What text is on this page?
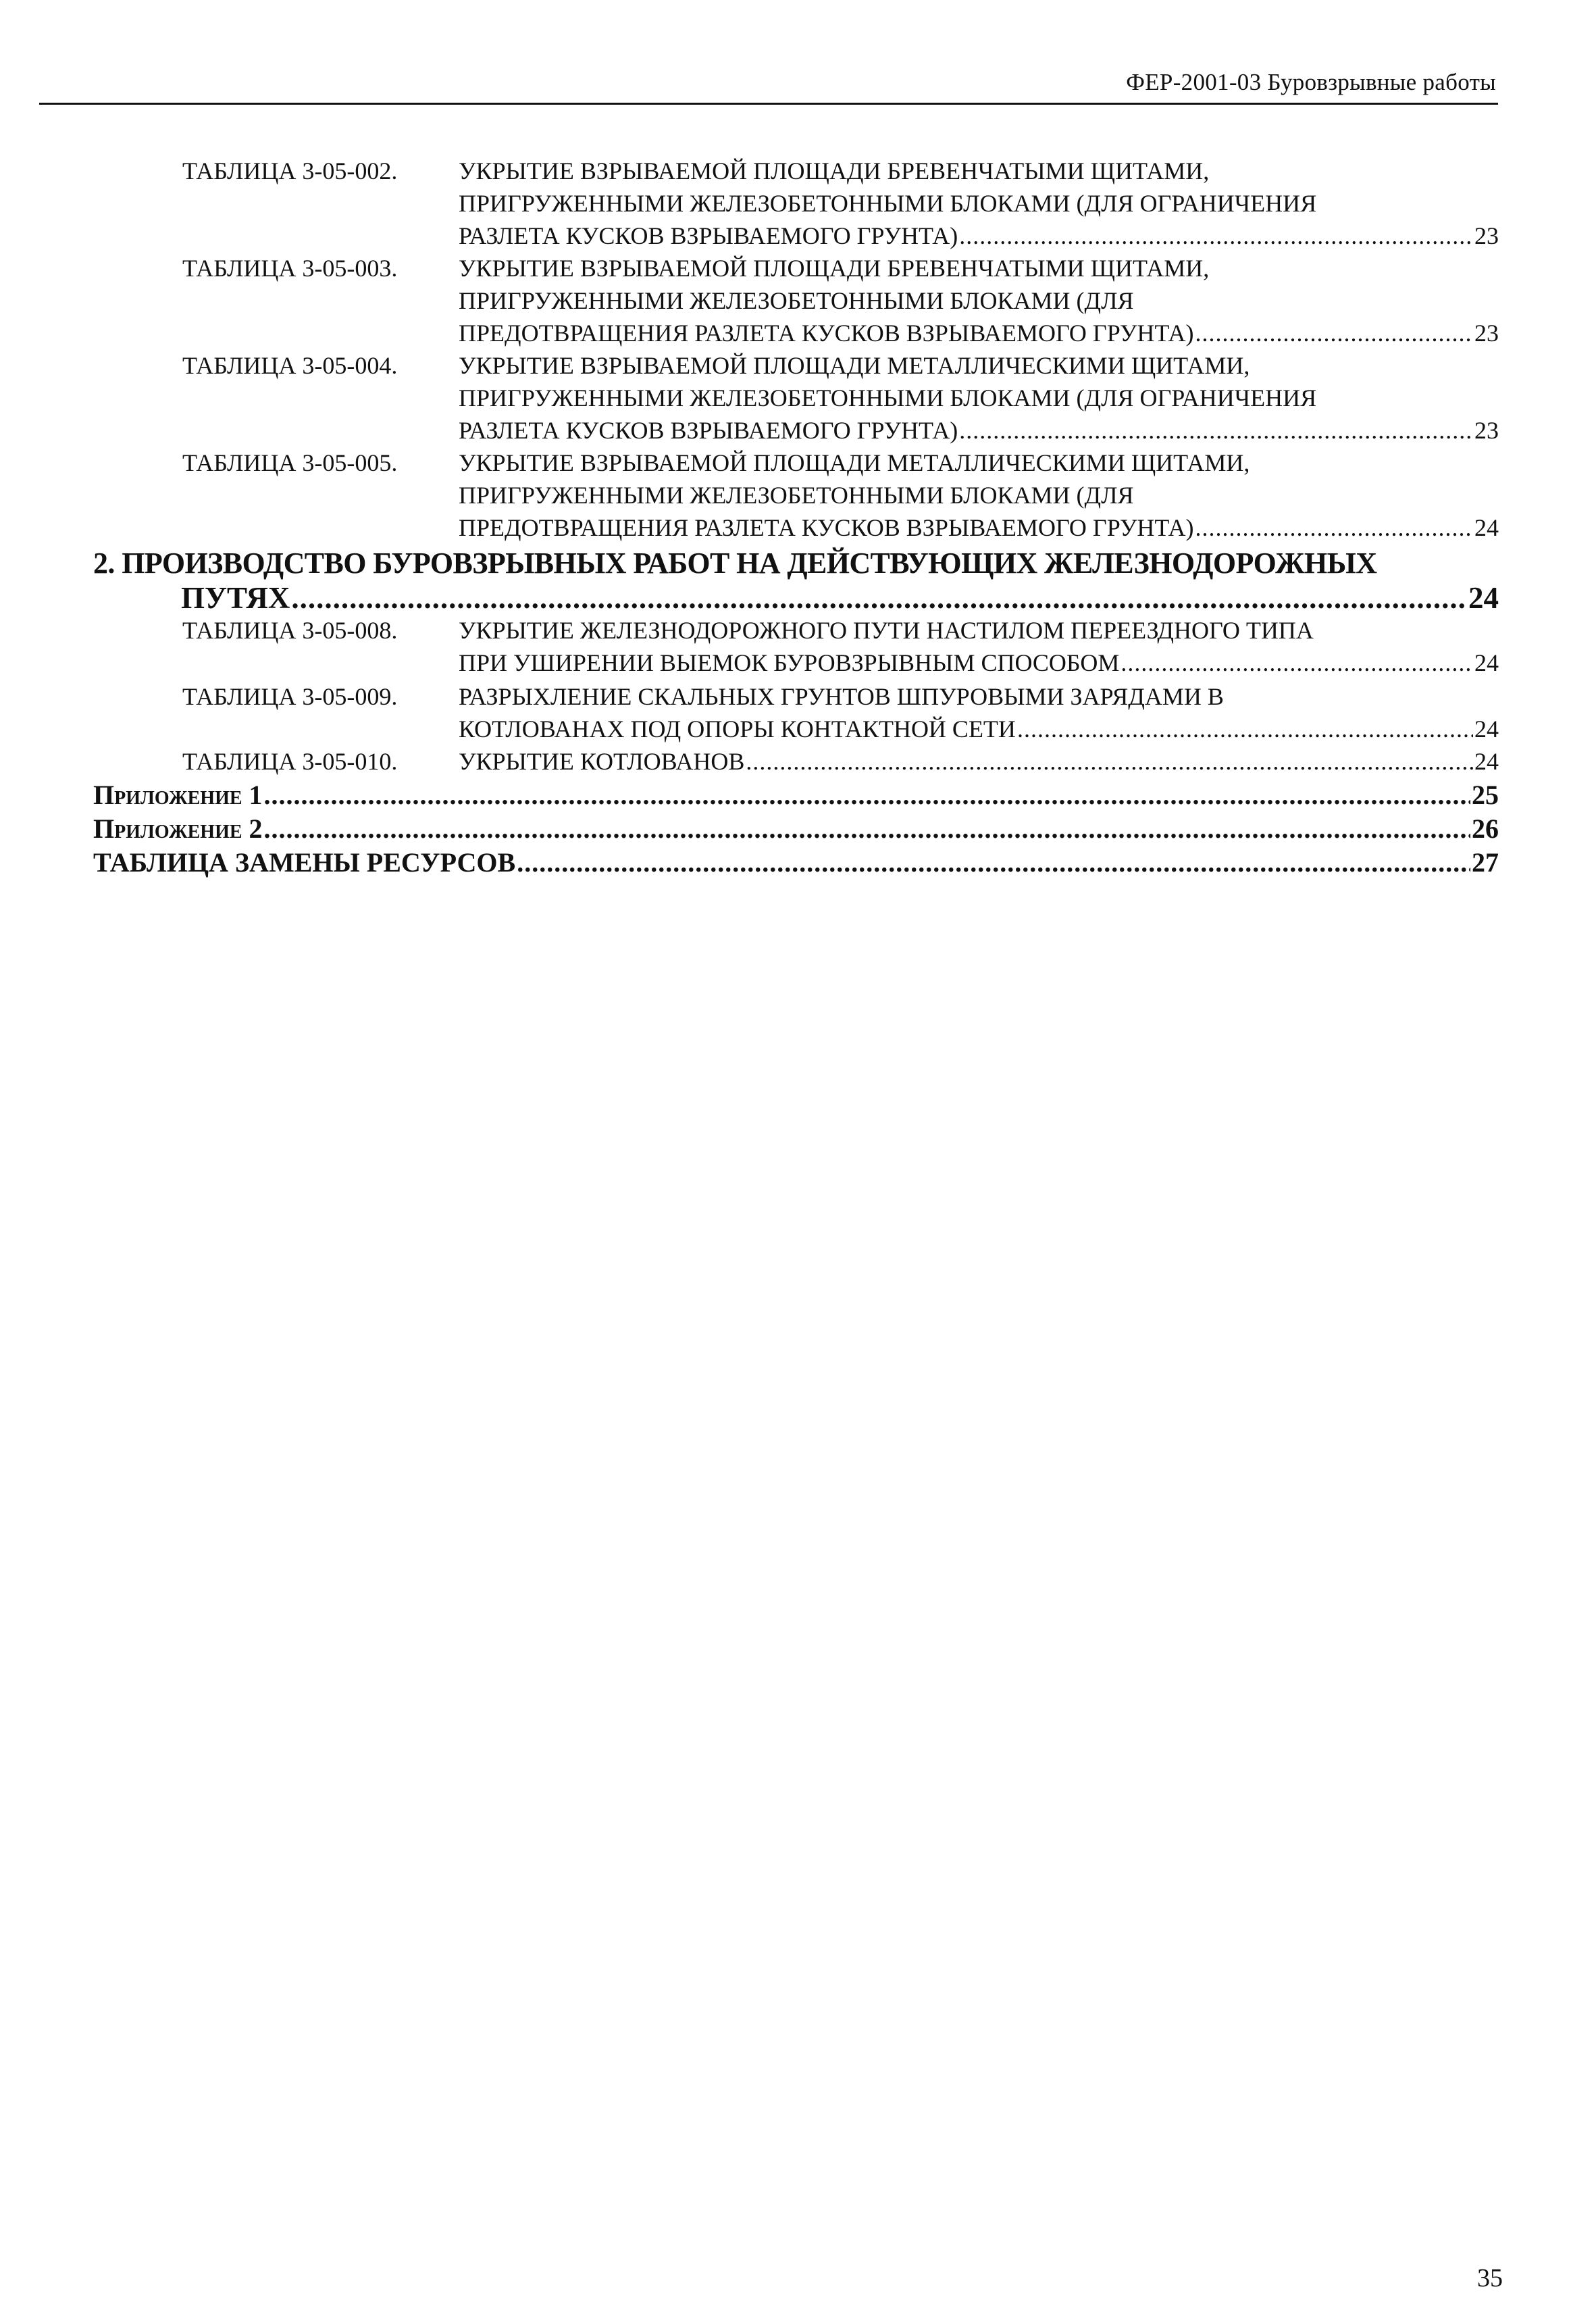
ФЕР-2001-03 Буровзрывные работы
ТАБЛИЦА 3-05-002.	УКРЫТИЕ ВЗРЫВАЕМОЙ ПЛОЩАДИ БРЕВЕНЧАТЫМИ ЩИТАМИ,
ПРИГРУЖЕННЫМИ ЖЕЛЕЗОБЕТОННЫМИ БЛОКАМИ (ДЛЯ ОГРАНИЧЕНИЯ
РАЗЛЕТА КУСКОВ ВЗРЫВАЕМОГО ГРУНТА) .....	23
ТАБЛИЦА 3-05-003.	УКРЫТИЕ ВЗРЫВАЕМОЙ ПЛОЩАДИ БРЕВЕНЧАТЫМИ ЩИТАМИ,
ПРИГРУЖЕННЫМИ ЖЕЛЕЗОБЕТОННЫМИ БЛОКАМИ (ДЛЯ
ПРЕДОТВРАЩЕНИЯ РАЗЛЕТА КУСКОВ ВЗРЫВАЕМОГО ГРУНТА) .....	23
ТАБЛИЦА 3-05-004.	УКРЫТИЕ ВЗРЫВАЕМОЙ ПЛОЩАДИ МЕТАЛЛИЧЕСКИМИ ЩИТАМИ,
ПРИГРУЖЕННЫМИ ЖЕЛЕЗОБЕТОННЫМИ БЛОКАМИ (ДЛЯ ОГРАНИЧЕНИЯ
РАЗЛЕТА КУСКОВ ВЗРЫВАЕМОГО ГРУНТА) .....	23
ТАБЛИЦА 3-05-005.	УКРЫТИЕ ВЗРЫВАЕМОЙ ПЛОЩАДИ МЕТАЛЛИЧЕСКИМИ ЩИТАМИ,
ПРИГРУЖЕННЫМИ ЖЕЛЕЗОБЕТОННЫМИ БЛОКАМИ (ДЛЯ
ПРЕДОТВРАЩЕНИЯ РАЗЛЕТА КУСКОВ ВЗРЫВАЕМОГО ГРУНТА) .....	24
2. ПРОИЗВОДСТВО БУРОВЗРЫВНЫХ РАБОТ НА ДЕЙСТВУЮЩИХ ЖЕЛЕЗНОДОРОЖНЫХ
ПУТЯХ .....	24
ТАБЛИЦА 3-05-008.	УКРЫТИЕ ЖЕЛЕЗНОДОРОЖНОГО ПУТИ НАСТИЛОМ ПЕРЕЕЗДНОГО ТИПА
ПРИ УШИРЕНИИ ВЫЕМОК БУРОВЗРЫВНЫМ СПОСОБОМ .....	24
ТАБЛИЦА 3-05-009.	РАЗРЫХЛЕНИЕ СКАЛЬНЫХ ГРУНТОВ ШПУРОВЫМИ ЗАРЯДАМИ В
КОТЛОВАНАХ ПОД ОПОРЫ КОНТАКТНОЙ СЕТИ .....	24
ТАБЛИЦА 3-05-010.	УКРЫТИЕ КОТЛОВАНОВ .....	24
Приложение 1 .....	25
Приложение 2 .....	26
ТАБЛИЦА ЗАМЕНЫ РЕСУРСОВ .....	27
35
